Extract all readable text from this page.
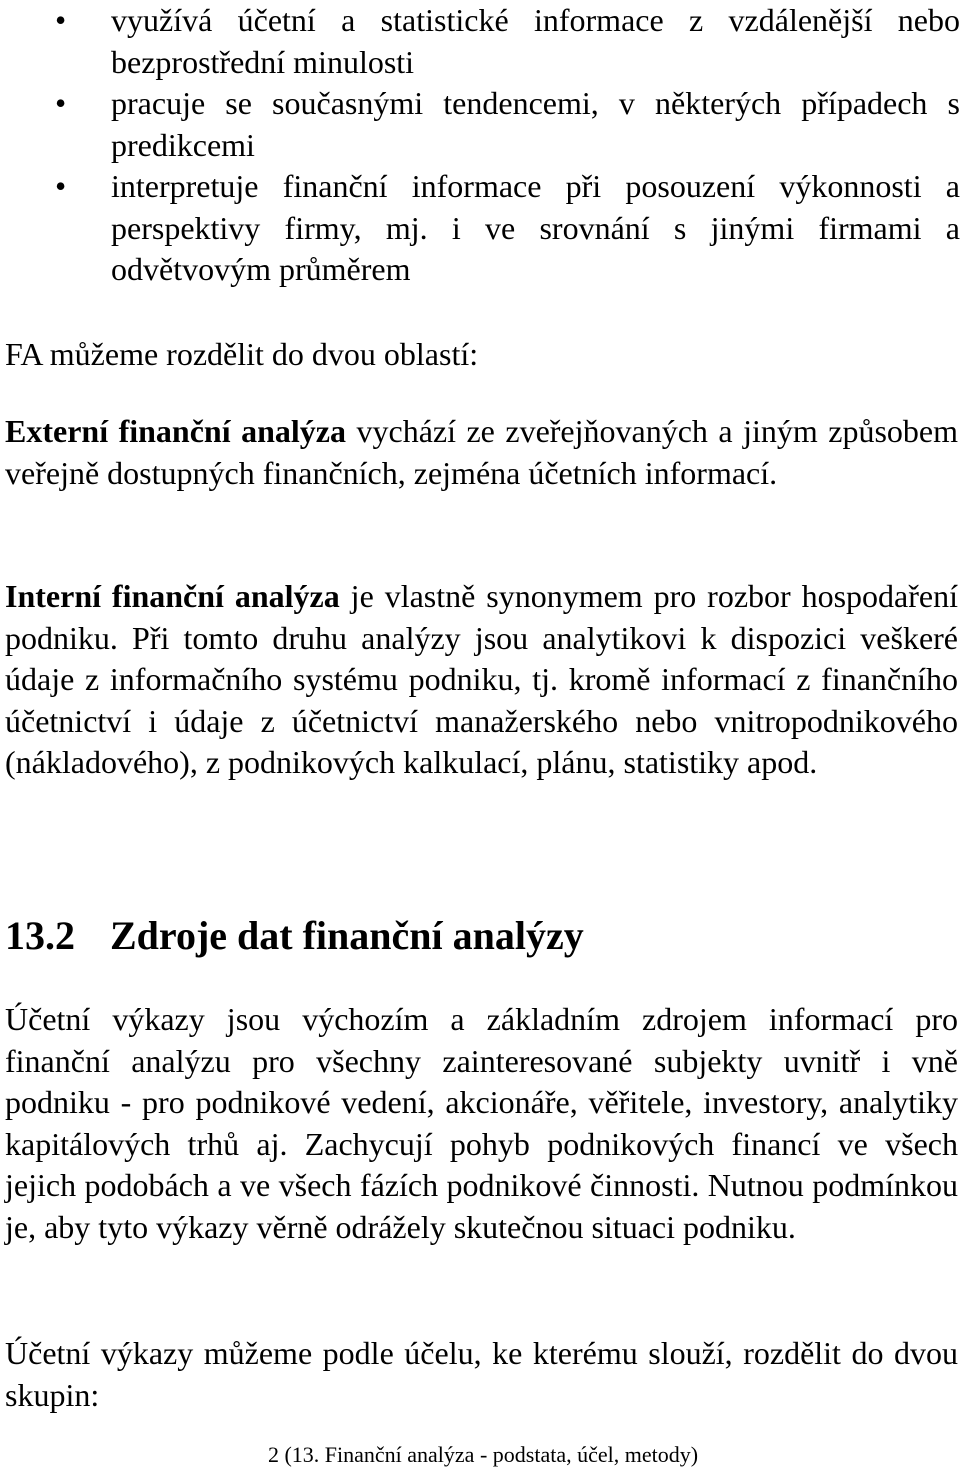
• využívá účetní a statistické informace z vzdálenější nebo bezprostřední minulosti
• pracuje se současnými tendencemi, v některých případech s predikcemi
• interpretuje finanční informace při posouzení výkonnosti a perspektivy firmy, mj. i ve srovnání s jinými firmami a odvětvovým průměrem

FA můžeme rozdělit do dvou oblastí:

Externí finanční analýza vychází ze zveřejňovaných a jiným způsobem veřejně dostupných finančních, zejména účetních informací.

Interní finanční analýza je vlastně synonymem pro rozbor hospodaření podniku. Při tomto druhu analýzy jsou analytikovi k dispozici veškeré údaje z informačního systému podniku, tj. kromě informací z finančního účetnictví i údaje z účetnictví manažerského nebo vnitropodnikového (nákladového), z podnikových kalkulací, plánu, statistiky apod.

13.2 Zdroje dat finanční analýzy

Účetní výkazy jsou výchozím a základním zdrojem informací pro finanční analýzu pro všechny zainteresované subjekty uvnitř i vně podniku - pro podnikové vedení, akcionáře, věřitele, investory, analytiky kapitálových trhů aj. Zachycují pohyb podnikových financí ve všech jejich podobách a ve všech fázích podnikové činnosti. Nutnou podmínkou je, aby tyto výkazy věrně odrážely skutečnou situaci podniku.

Účetní výkazy můžeme podle účelu, ke kterému slouží, rozdělit do dvou skupin:

2 (13. Finanční analýza - podstata, účel, metody)
